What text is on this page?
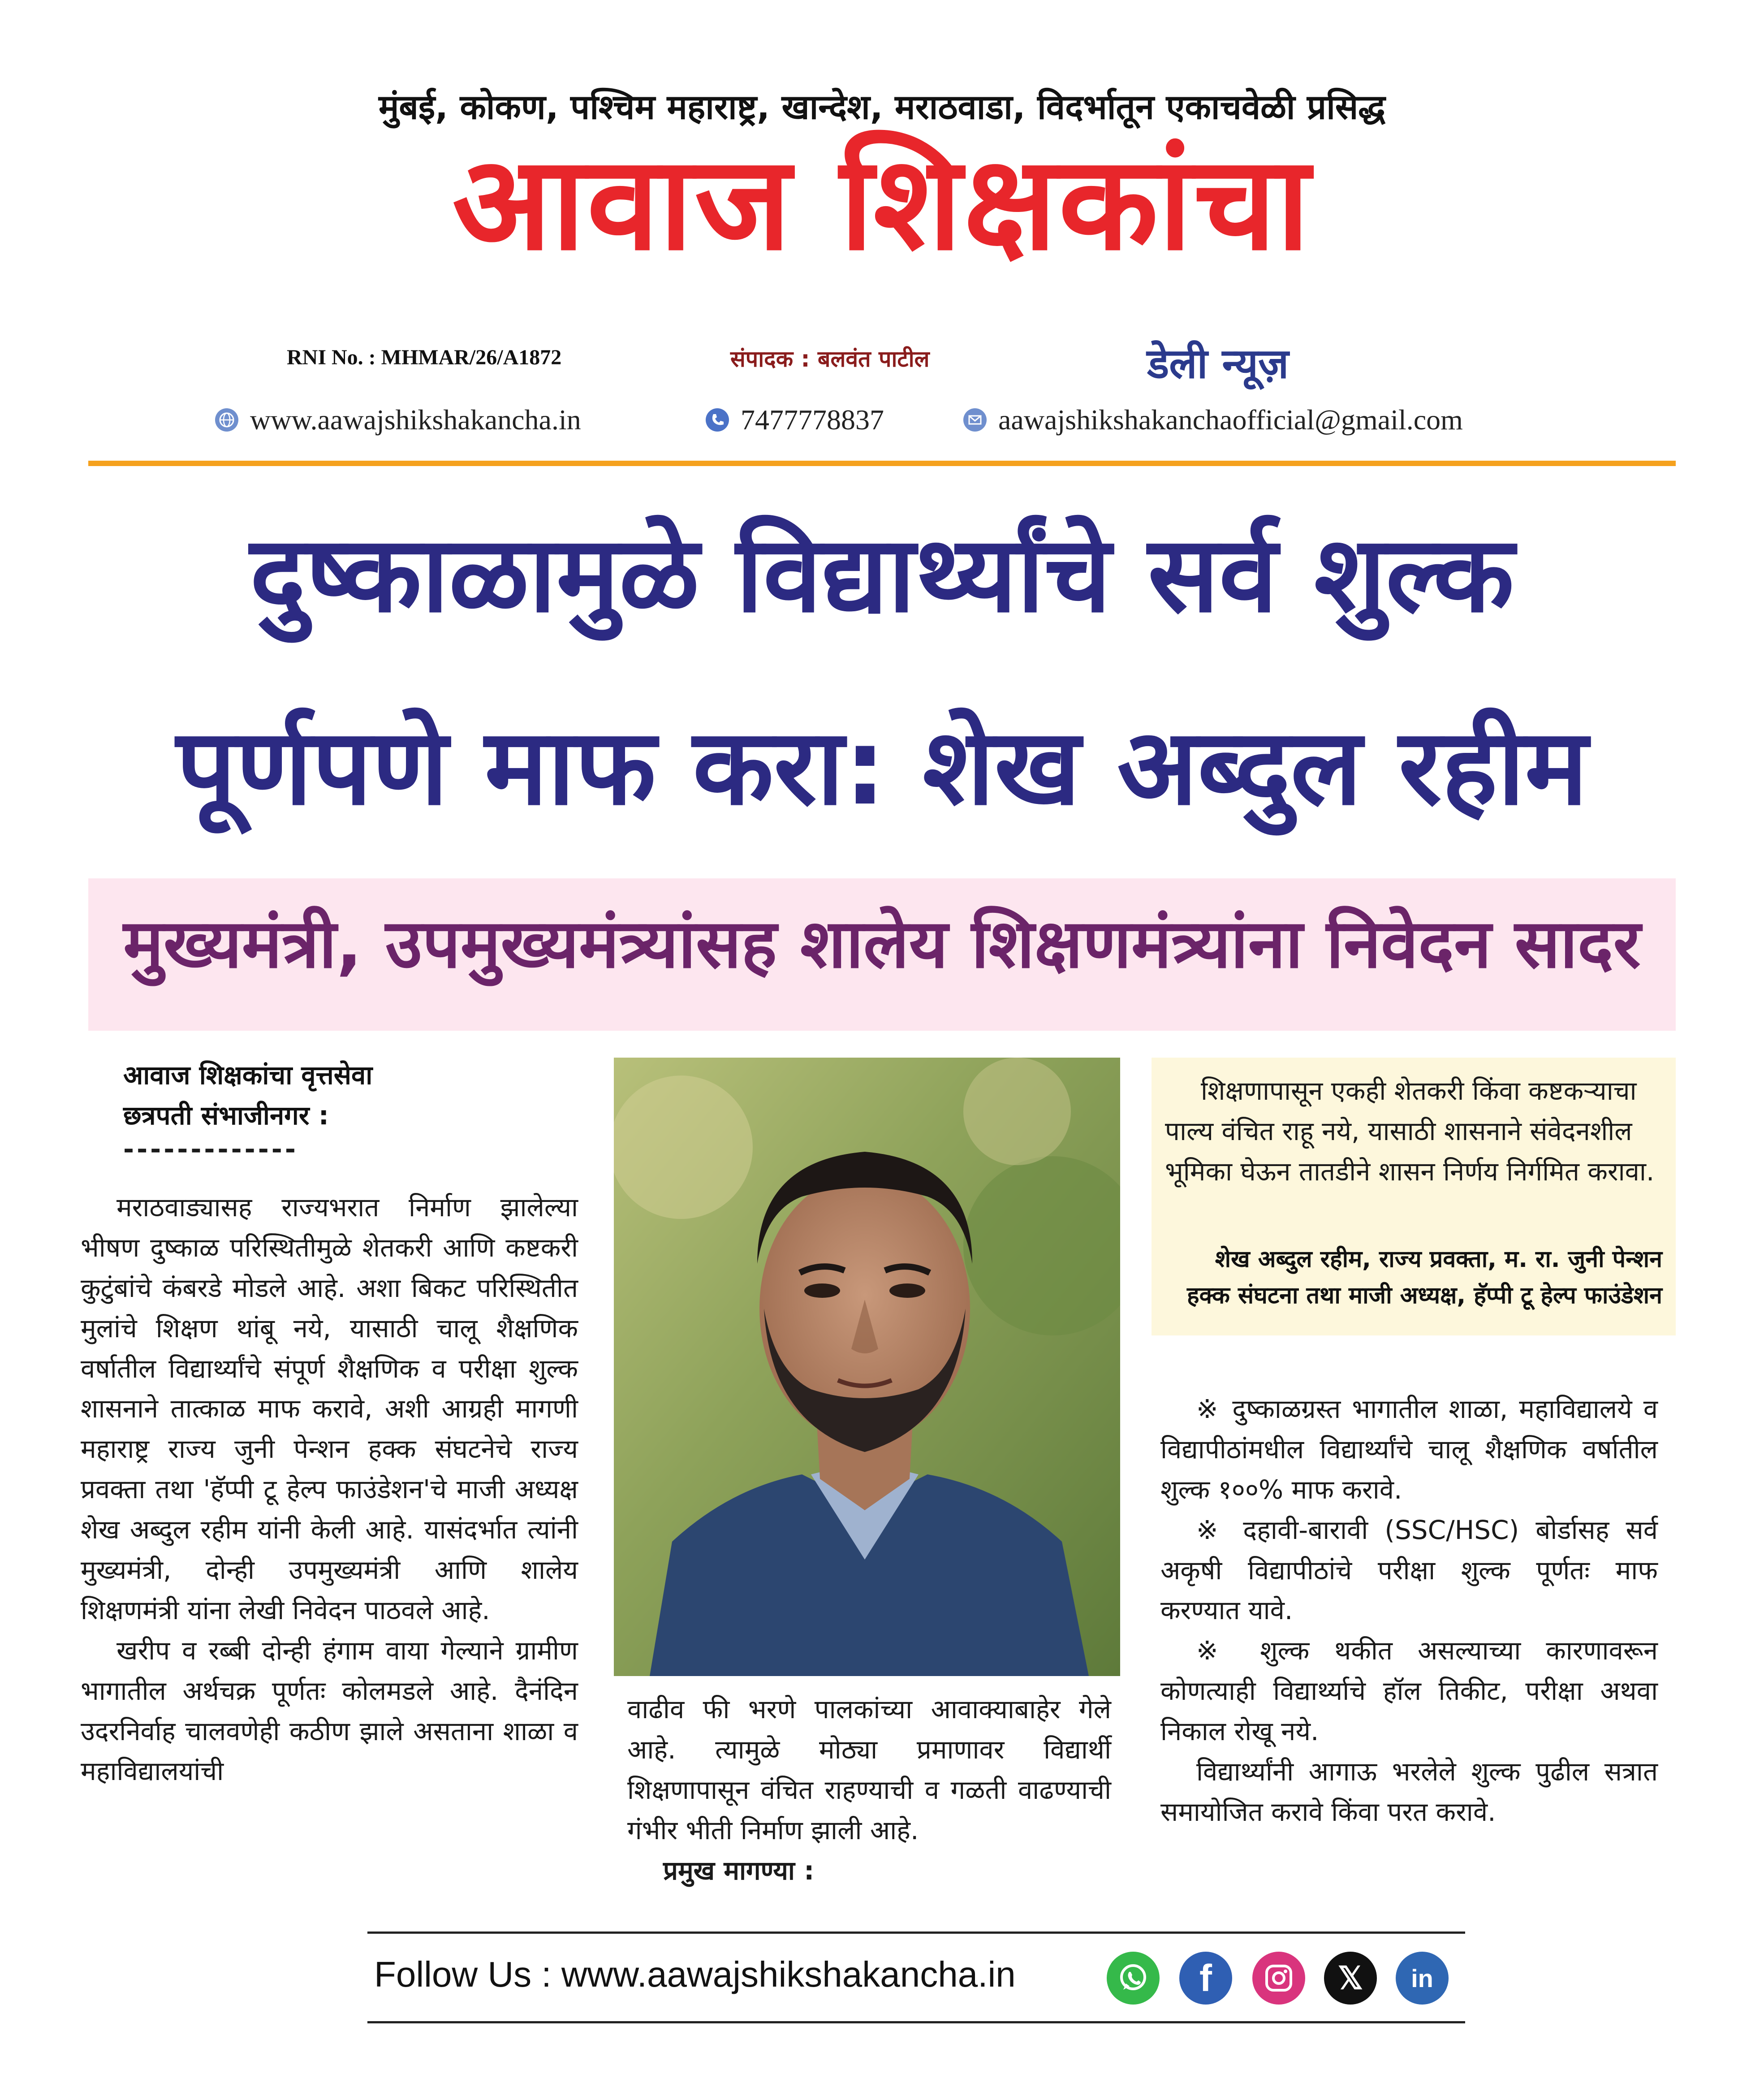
मुंबई, कोकण, पश्चिम महाराष्ट्र, खान्देश, मराठवाडा, विदर्भातून एकाचवेळी प्रसिद्ध
आवाज शिक्षकांचा
RNI No. : MHMAR/26/A1872	संपादक : बलवंत पाटील	डेली न्यूज़
www.aawajshikshakancha.in	7477778837	aawajshikshakanchaofficial@gmail.com
दुष्काळामुळे विद्यार्थ्यांचे सर्व शुल्क
पूर्णपणे माफ करा: शेख अब्दुल रहीम
मुख्यमंत्री, उपमुख्यमंत्र्यांसह शालेय शिक्षणमंत्र्यांना निवेदन सादर
आवाज शिक्षकांचा वृत्तसेवा
छत्रपती संभाजीनगर :
-------------

मराठवाड्यासह राज्यभरात निर्माण झालेल्या भीषण दुष्काळ परिस्थितीमुळे शेतकरी आणि कष्टकरी कुटुंबांचे कंबरडे मोडले आहे. अशा बिकट परिस्थितीत मुलांचे शिक्षण थांबू नये, यासाठी चालू शैक्षणिक वर्षातील विद्यार्थ्यांचे संपूर्ण शैक्षणिक व परीक्षा शुल्क शासनाने तात्काळ माफ करावे, अशी आग्रही मागणी महाराष्ट्र राज्य जुनी पेन्शन हक्क संघटनेचे राज्य प्रवक्ता तथा 'हॅप्पी टू हेल्प फाउंडेशन'चे माजी अध्यक्ष शेख अब्दुल रहीम यांनी केली आहे. यासंदर्भात त्यांनी मुख्यमंत्री, दोन्ही उपमुख्यमंत्री आणि शालेय शिक्षणमंत्री यांना लेखी निवेदन पाठवले आहे.

खरीप व रब्बी दोन्ही हंगाम वाया गेल्याने ग्रामीण भागातील अर्थचक्र पूर्णतः कोलमडले आहे. दैनंदिन उदरनिर्वाह चालवणेही कठीण झाले असताना शाळा व महाविद्यालयांची

वाढीव फी भरणे पालकांच्या आवाक्याबाहेर गेले आहे. त्यामुळे मोठ्या प्रमाणावर विद्यार्थी शिक्षणापासून वंचित राहण्याची व गळती वाढण्याची गंभीर भीती निर्माण झाली आहे.

प्रमुख मागण्या :

शिक्षणापासून एकही शेतकरी किंवा कष्टकऱ्याचा पाल्य वंचित राहू नये, यासाठी शासनाने संवेदनशील भूमिका घेऊन तातडीने शासन निर्णय निर्गमित करावा.
शेख अब्दुल रहीम, राज्य प्रवक्ता, म. रा. जुनी पेन्शन हक्क संघटना तथा माजी अध्यक्ष, हॅप्पी टू हेल्प फाउंडेशन

※ दुष्काळग्रस्त भागातील शाळा, महाविद्यालये व विद्यापीठांमधील विद्यार्थ्यांचे चालू शैक्षणिक वर्षातील शुल्क १००% माफ करावे.

※ दहावी-बारावी (SSC/HSC) बोर्डासह सर्व अकृषी विद्यापीठांचे परीक्षा शुल्क पूर्णतः माफ करण्यात यावे.

※ शुल्क थकीत असल्याच्या कारणावरून कोणत्याही विद्यार्थ्याचे हॉल तिकीट, परीक्षा अथवा निकाल रोखू नये.

विद्यार्थ्यांनी आगाऊ भरलेले शुल्क पुढील सत्रात समायोजित करावे किंवा परत करावे.

Follow Us : www.aawajshikshakancha.in	f	𝕏	in
